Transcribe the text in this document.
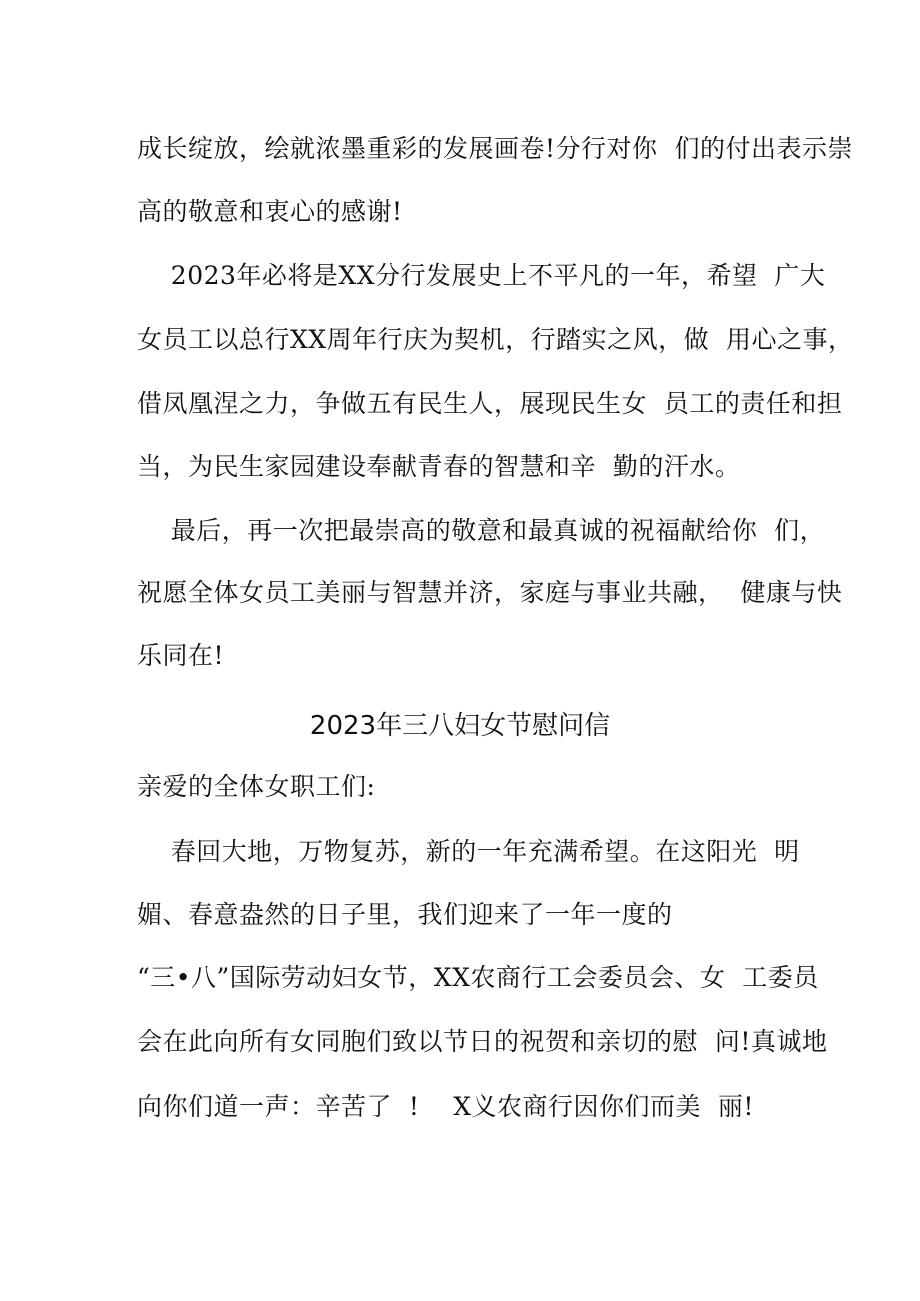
成长绽放，绘就浓墨重彩的发展画卷!分行对你  们的付出表示崇
高的敬意和衷心的感谢!
2023年必将是XX分行发展史上不平凡的一年，希望  广大
女员工以总行XX周年行庆为契机，行踏实之风，做  用心之事，
借凤凰涅之力，争做五有民生人，展现民生女  员工的责任和担
当，为民生家园建设奉献青春的智慧和辛  勤的汗水。
最后，再一次把最崇高的敬意和最真诚的祝福献给你  们，
祝愿全体女员工美丽与智慧并济，家庭与事业共融，  健康与快
乐同在!
2023年三八妇女节慰问信
亲爱的全体女职工们:
春回大地，万物复苏，新的一年充满希望。在这阳光  明
媚、春意盎然的日子里，我们迎来了一年一度的
“三•八”国际劳动妇女节，XX农商行工会委员会、女  工委员
会在此向所有女同胞们致以节日的祝贺和亲切的慰  问!真诚地
向你们道一声：辛苦了  !    X义农商行因你们而美  丽!
